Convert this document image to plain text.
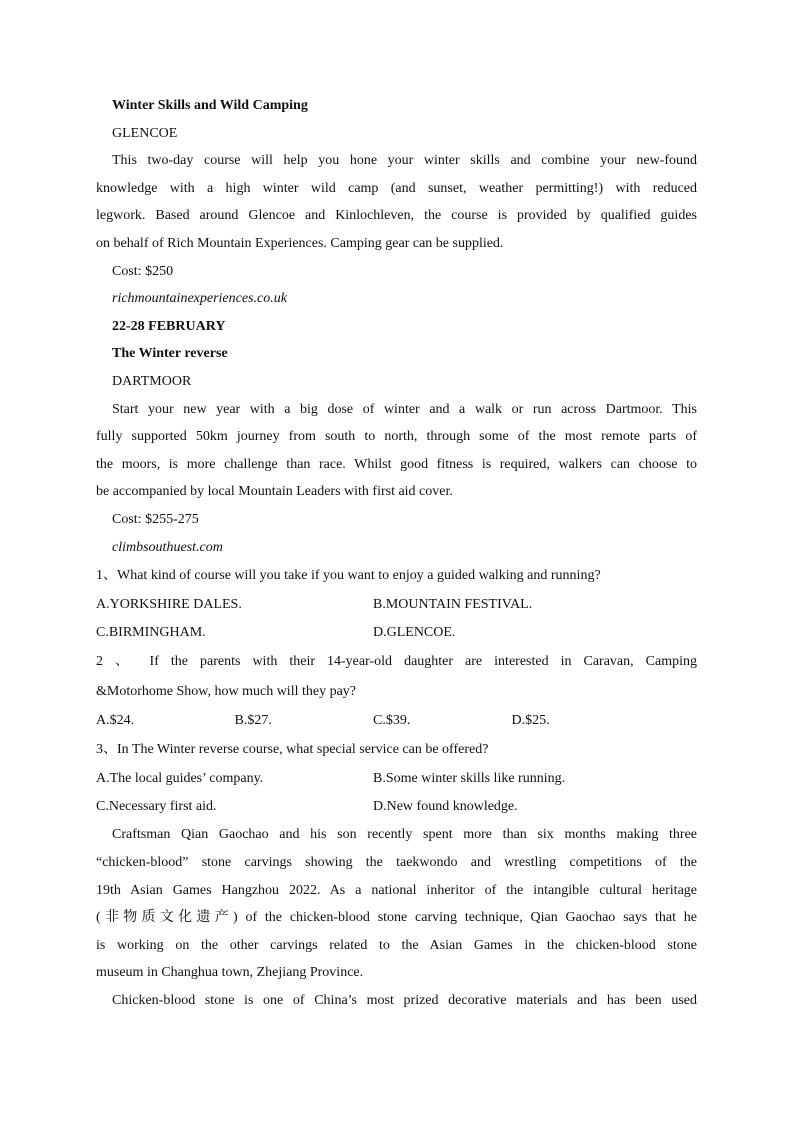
Winter Skills and Wild Camping
GLENCOE
This two-day course will help you hone your winter skills and combine your new-found
knowledge with a high winter wild camp (and sunset, weather permitting!) with reduced
legwork. Based around Glencoe and Kinlochleven, the course is provided by qualified guides
on behalf of Rich Mountain Experiences. Camping gear can be supplied.
Cost: $250
richmountainexperiences.co.uk
22-28 FEBRUARY
The Winter reverse
DARTMOOR
Start your new year with a big dose of winter and a walk or run across Dartmoor. This
fully supported 50km journey from south to north, through some of the most remote parts of
the moors, is more challenge than race. Whilst good fitness is required, walkers can choose to
be accompanied by local Mountain Leaders with first aid cover.
Cost: $255-275
climbsouthuest.com
1、What kind of course will you take if you want to enjoy a guided walking and running?
A.YORKSHIRE DALES.	B.MOUNTAIN FESTIVAL.
C.BIRMINGHAM.	D.GLENCOE.
2 、 If the parents with their 14-year-old daughter are interested in Caravan, Camping
&Motorhome Show, how much will they pay?
A.$24.	B.$27.	C.$39.	D.$25.
3、In The Winter reverse course, what special service can be offered?
A.The local guides’ company.	B.Some winter skills like running.
C.Necessary first aid.	D.New found knowledge.
Craftsman Qian Gaochao and his son recently spent more than six months making three
“chicken-blood” stone carvings showing the taekwondo and wrestling competitions of the
19th Asian Games Hangzhou 2022. As a national inheritor of the intangible cultural heritage
(非物质文化遗产) of the chicken-blood stone carving technique, Qian Gaochao says that he
is working on the other carvings related to the Asian Games in the chicken-blood stone
museum in Changhua town, Zhejiang Province.
Chicken-blood stone is one of China’s most prized decorative materials and has been used
